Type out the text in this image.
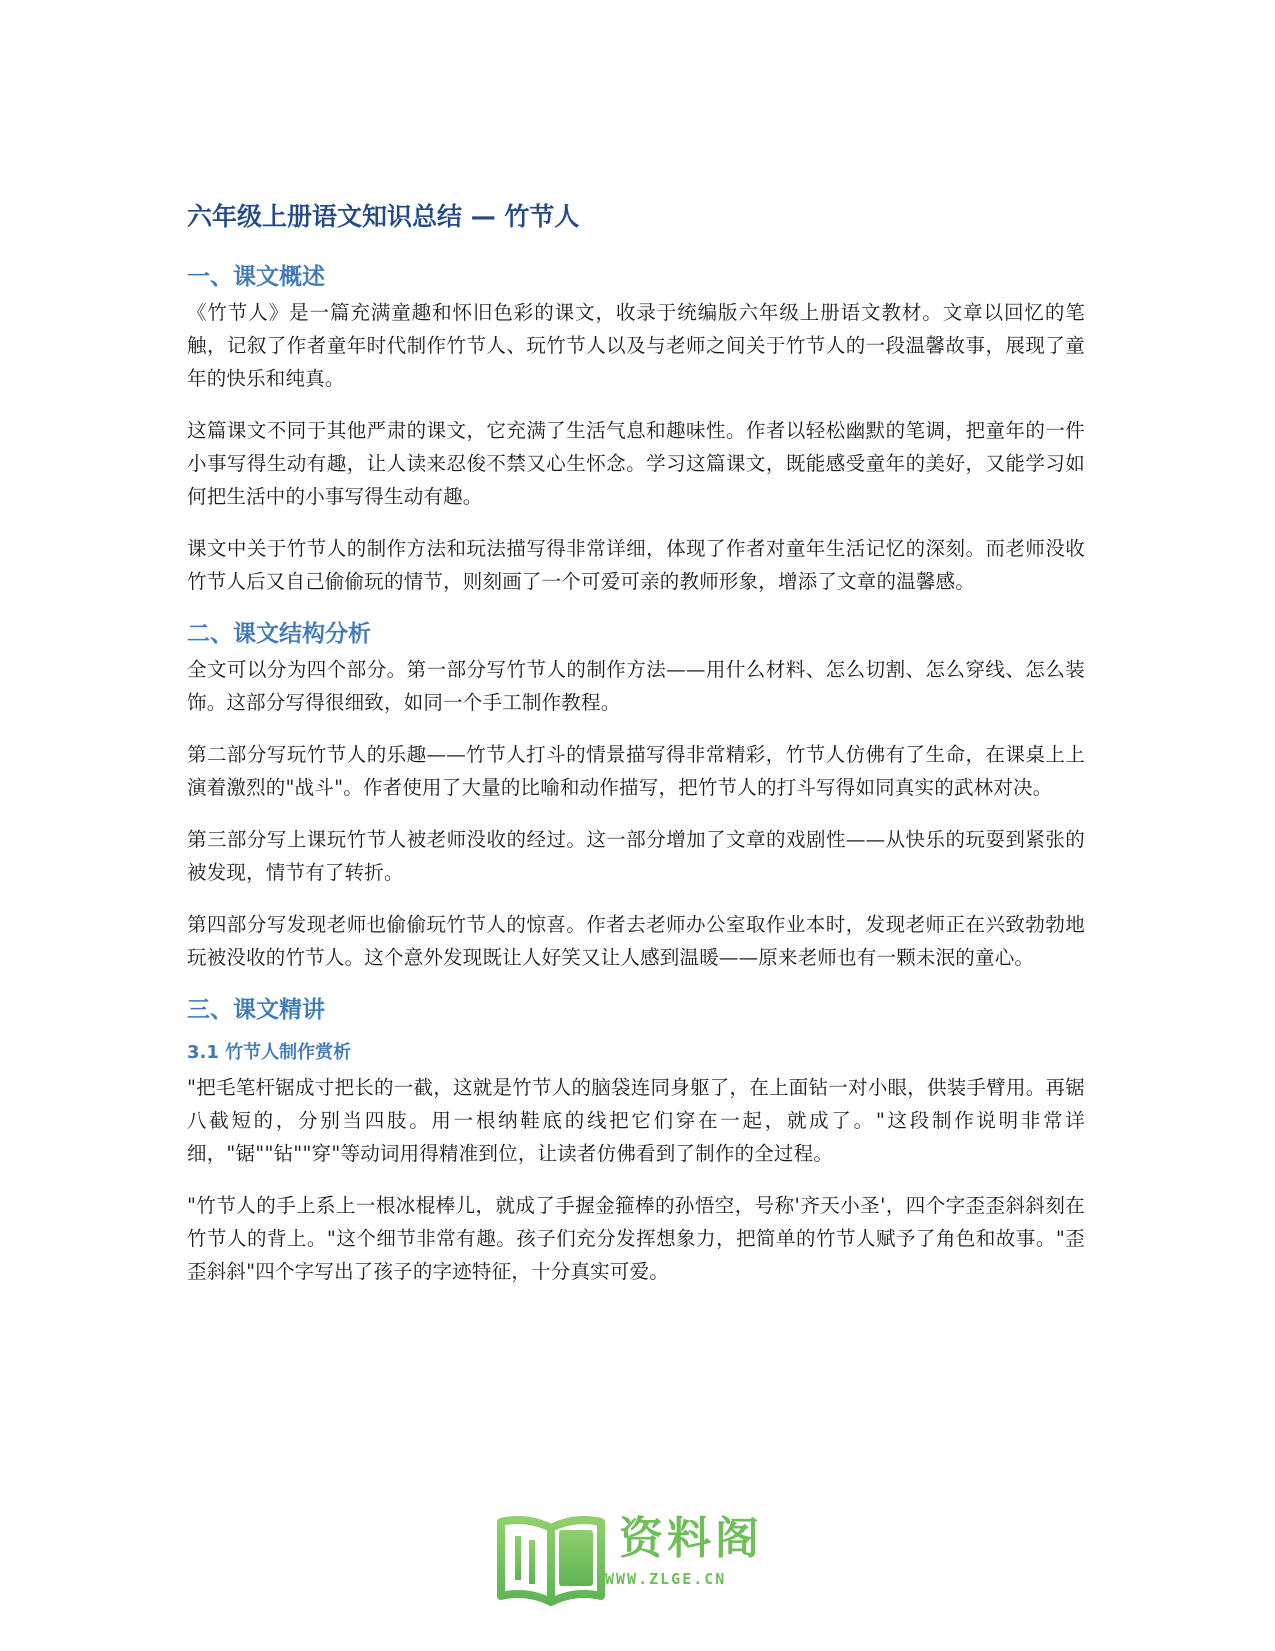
六年级上册语文知识总结 — 竹节人
一、课文概述

《竹节人》是一篇充满童趣和怀旧色彩的课文，收录于统编版六年级上册语文教材。文章以回忆的笔触，记叙了作者童年时代制作竹节人、玩竹节人以及与老师之间关于竹节人的一段温馨故事，展现了童年的快乐和纯真。

这篇课文不同于其他严肃的课文，它充满了生活气息和趣味性。作者以轻松幽默的笔调，把童年的一件小事写得生动有趣，让人读来忍俊不禁又心生怀念。学习这篇课文，既能感受童年的美好，又能学习如何把生活中的小事写得生动有趣。

课文中关于竹节人的制作方法和玩法描写得非常详细，体现了作者对童年生活记忆的深刻。而老师没收竹节人后又自己偷偷玩的情节，则刻画了一个可爱可亲的教师形象，增添了文章的温馨感。

二、课文结构分析

全文可以分为四个部分。第一部分写竹节人的制作方法——用什么材料、怎么切割、怎么穿线、怎么装饰。这部分写得很细致，如同一个手工制作教程。

第二部分写玩竹节人的乐趣——竹节人打斗的情景描写得非常精彩，竹节人仿佛有了生命，在课桌上上演着激烈的"战斗"。作者使用了大量的比喻和动作描写，把竹节人的打斗写得如同真实的武林对决。

第三部分写上课玩竹节人被老师没收的经过。这一部分增加了文章的戏剧性——从快乐的玩耍到紧张的被发现，情节有了转折。

第四部分写发现老师也偷偷玩竹节人的惊喜。作者去老师办公室取作业本时，发现老师正在兴致勃勃地玩被没收的竹节人。这个意外发现既让人好笑又让人感到温暖——原来老师也有一颗未泯的童心。

三、课文精讲
3.1 竹节人制作赏析

"把毛笔杆锯成寸把长的一截，这就是竹节人的脑袋连同身躯了，在上面钻一对小眼，供装手臂用。再锯八截短的，分别当四肢。用一根纳鞋底的线把它们穿在一起，就成了。"这段制作说明非常详细，"锯""钻""穿"等动词用得精准到位，让读者仿佛看到了制作的全过程。

"竹节人的手上系上一根冰棍棒儿，就成了手握金箍棒的孙悟空，号称'齐天小圣'，四个字歪歪斜斜刻在竹节人的背上。"这个细节非常有趣。孩子们充分发挥想象力，把简单的竹节人赋予了角色和故事。"歪歪斜斜"四个字写出了孩子的字迹特征，十分真实可爱。

资料阁
WWW.ZLGE.CN
